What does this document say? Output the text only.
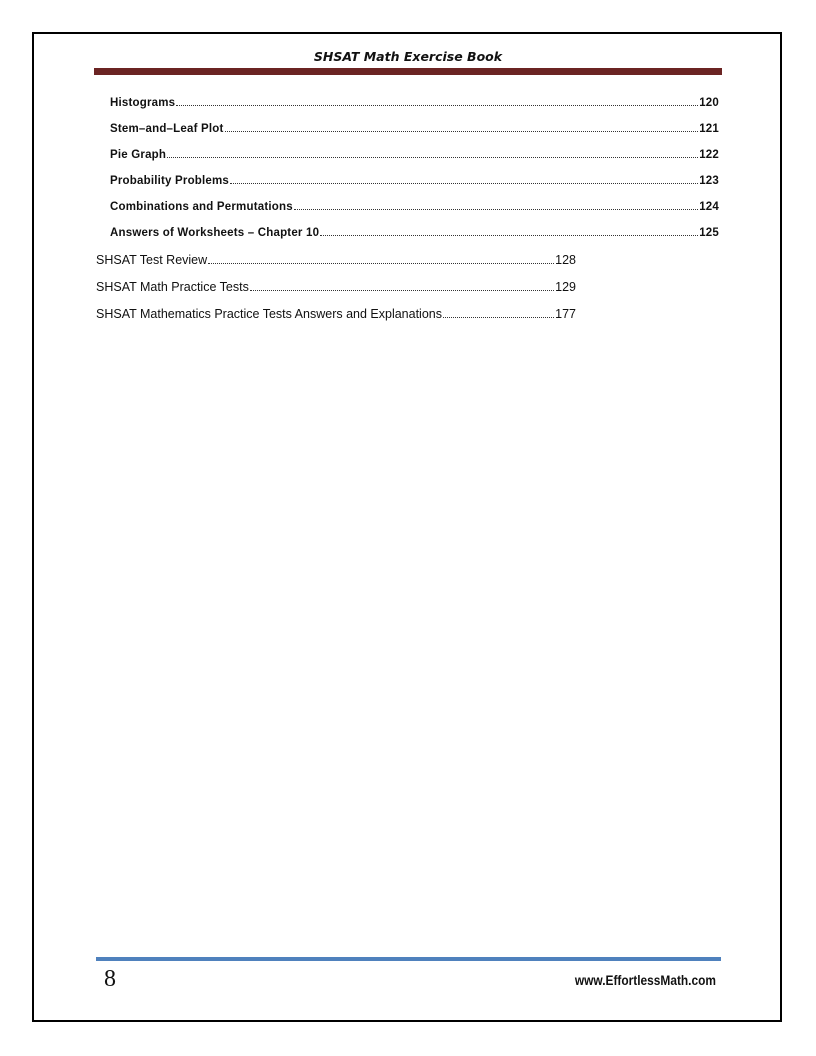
SHSAT Math Exercise Book
Histograms	120
Stem–and–Leaf Plot	121
Pie Graph	122
Probability Problems	123
Combinations and Permutations	124
Answers of Worksheets – Chapter 10	125
SHSAT Test Review	128
SHSAT Math Practice Tests	129
SHSAT Mathematics Practice Tests Answers and Explanations	177
8	www.EffortlessMath.com
